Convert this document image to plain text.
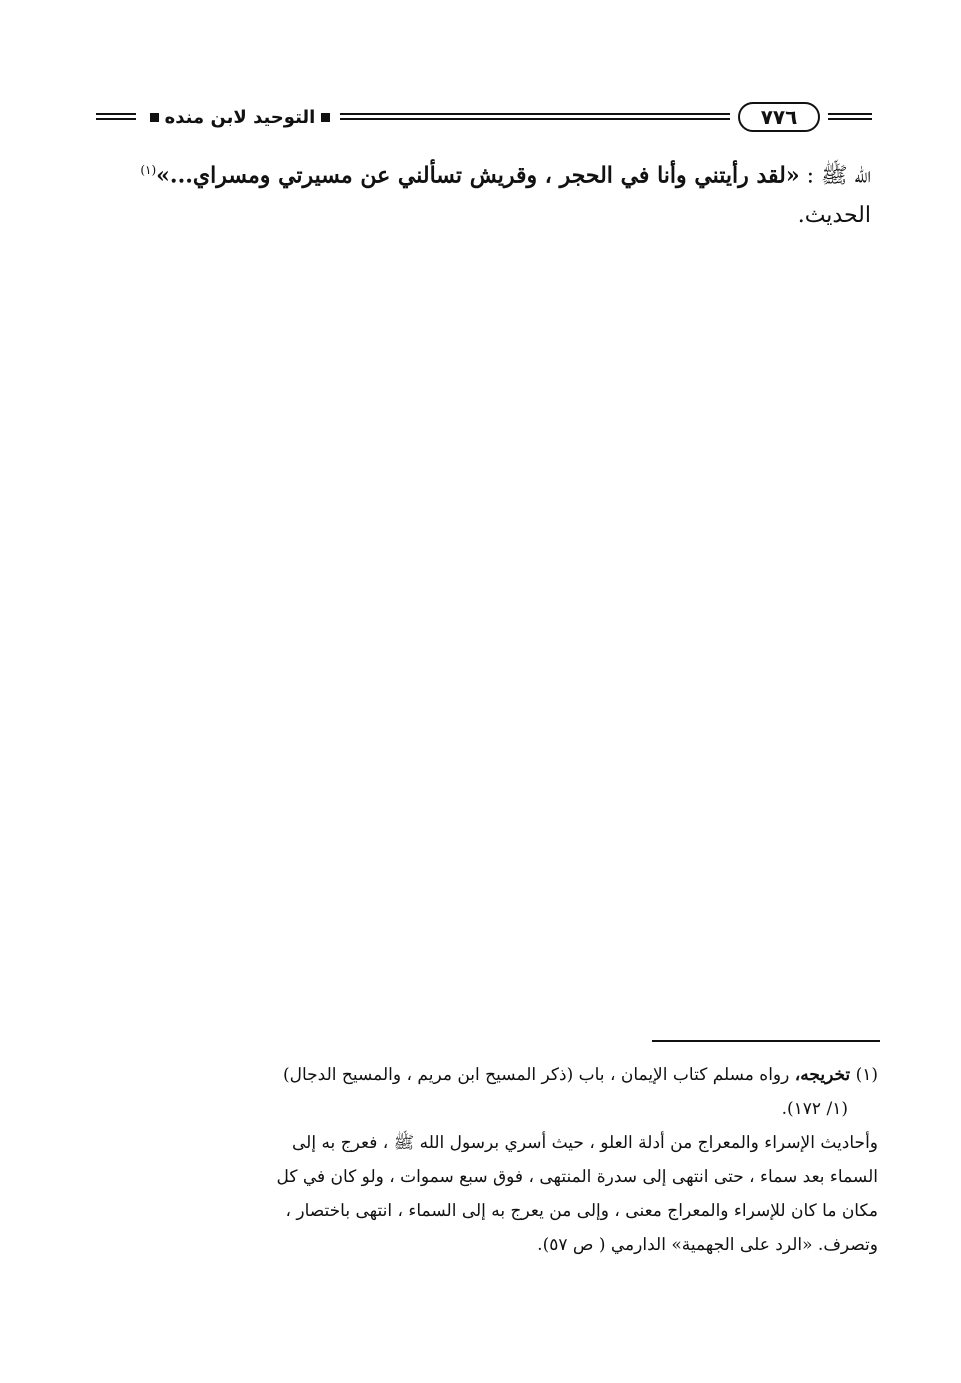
٧٧٦
التوحيد لابن منده
الله ﷺ : «لقد رأيتني وأنا في الحجر ، وقريش تسألني عن مسيرتي ومسراي...»$^{(١)}$
الحديث.
(١) تخريجه، رواه مسلم كتاب الإيمان ، باب (ذكر المسيح ابن مريم ، والمسيح الدجال)
(١/ ١٧٢).
وأحاديث الإسراء والمعراج من أدلة العلو ، حيث أسري برسول الله ﷺ ، فعرج به إلى
السماء بعد سماء ، حتى انتهى إلى سدرة المنتهى ، فوق سبع سموات ، ولو كان في كل
مكان ما كان للإسراء والمعراج معنى ، وإلى من يعرج به إلى السماء ، انتهى باختصار ،
وتصرف. «الرد على الجهمية» الدارمي ( ص ٥٧).
